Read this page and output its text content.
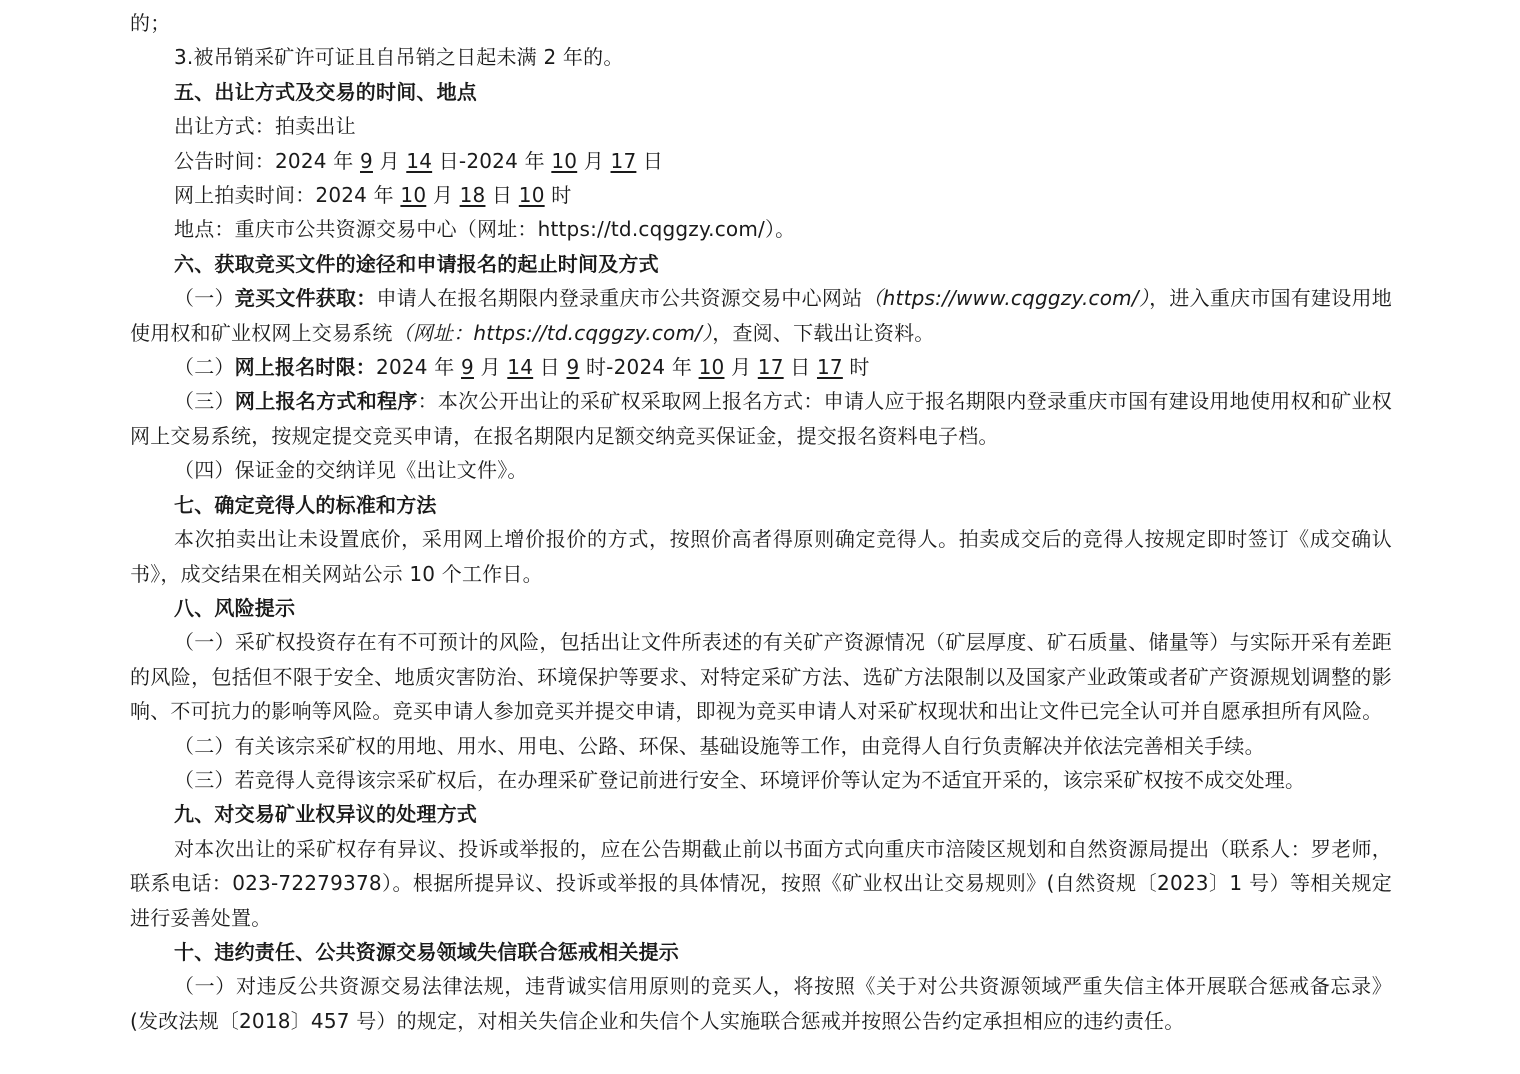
的；

3.被吊销采矿许可证且自吊销之日起未满 2 年的。

五、出让方式及交易的时间、地点

出让方式：拍卖出让

公告时间：2024 年 9 月 14 日-2024 年 10 月 17 日

网上拍卖时间：2024 年 10 月 18 日 10 时

地点：重庆市公共资源交易中心（网址：https://td.cqggzy.com/）。

六、获取竞买文件的途径和申请报名的起止时间及方式

（一）竞买文件获取：申请人在报名期限内登录重庆市公共资源交易中心网站（https://www.cqggzy.com/），进入重庆市国有建设用地使用权和矿业权网上交易系统（网址：https://td.cqggzy.com/），查阅、下载出让资料。

（二）网上报名时限：2024 年 9 月 14 日 9 时-2024 年 10 月 17 日 17 时

（三）网上报名方式和程序：本次公开出让的采矿权采取网上报名方式：申请人应于报名期限内登录重庆市国有建设用地使用权和矿业权网上交易系统，按规定提交竞买申请，在报名期限内足额交纳竞买保证金，提交报名资料电子档。

（四）保证金的交纳详见《出让文件》。

七、确定竞得人的标准和方法

本次拍卖出让未设置底价，采用网上增价报价的方式，按照价高者得原则确定竞得人。拍卖成交后的竞得人按规定即时签订《成交确认书》，成交结果在相关网站公示 10 个工作日。

八、风险提示

（一）采矿权投资存在有不可预计的风险，包括出让文件所表述的有关矿产资源情况（矿层厚度、矿石质量、储量等）与实际开采有差距的风险，包括但不限于安全、地质灾害防治、环境保护等要求、对特定采矿方法、选矿方法限制以及国家产业政策或者矿产资源规划调整的影响、不可抗力的影响等风险。竞买申请人参加竞买并提交申请，即视为竞买申请人对采矿权现状和出让文件已完全认可并自愿承担所有风险。

（二）有关该宗采矿权的用地、用水、用电、公路、环保、基础设施等工作，由竞得人自行负责解决并依法完善相关手续。

（三）若竞得人竞得该宗采矿权后，在办理采矿登记前进行安全、环境评价等认定为不适宜开采的，该宗采矿权按不成交处理。

九、对交易矿业权异议的处理方式

对本次出让的采矿权存有异议、投诉或举报的，应在公告期截止前以书面方式向重庆市涪陵区规划和自然资源局提出（联系人：罗老师，联系电话：023-72279378）。根据所提异议、投诉或举报的具体情况，按照《矿业权出让交易规则》(自然资规〔2023〕1 号）等相关规定进行妥善处置。

十、违约责任、公共资源交易领域失信联合惩戒相关提示

（一）对违反公共资源交易法律法规，违背诚实信用原则的竞买人，将按照《关于对公共资源领域严重失信主体开展联合惩戒备忘录》(发改法规〔2018〕457 号）的规定，对相关失信企业和失信个人实施联合惩戒并按照公告约定承担相应的违约责任。
